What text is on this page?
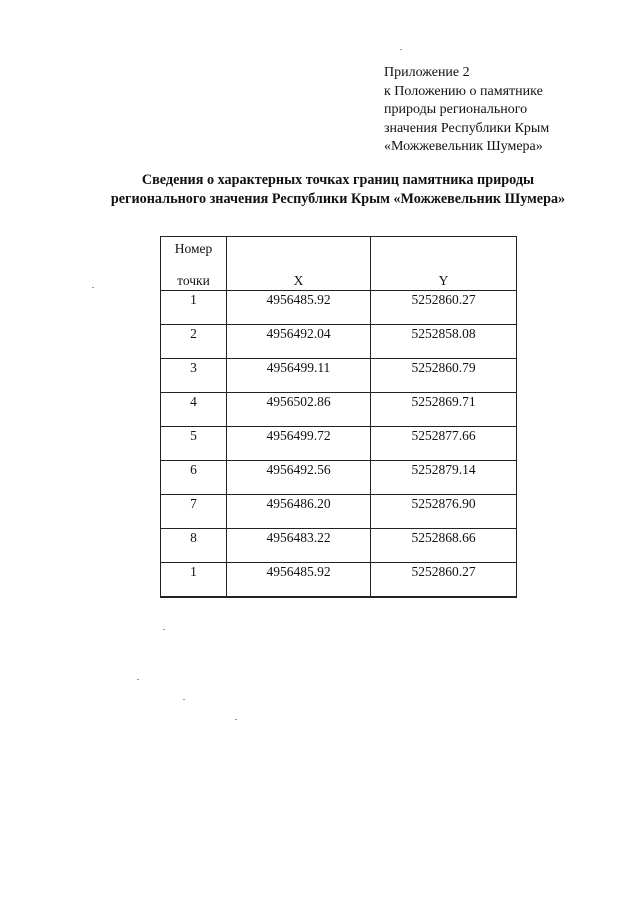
Приложение 2
к Положению о памятнике
природы регионального
значения Республики Крым
«Можжевельник Шумера»
Сведения о характерных точках границ памятника природы
регионального значения Республики Крым «Можжевельник Шумера»
Номер
точки	X	Y
1	4956485.92	5252860.27
2	4956492.04	5252858.08
3	4956499.11	5252860.79
4	4956502.86	5252869.71
5	4956499.72	5252877.66
6	4956492.56	5252879.14
7	4956486.20	5252876.90
8	4956483.22	5252868.66
1	4956485.92	5252860.27
